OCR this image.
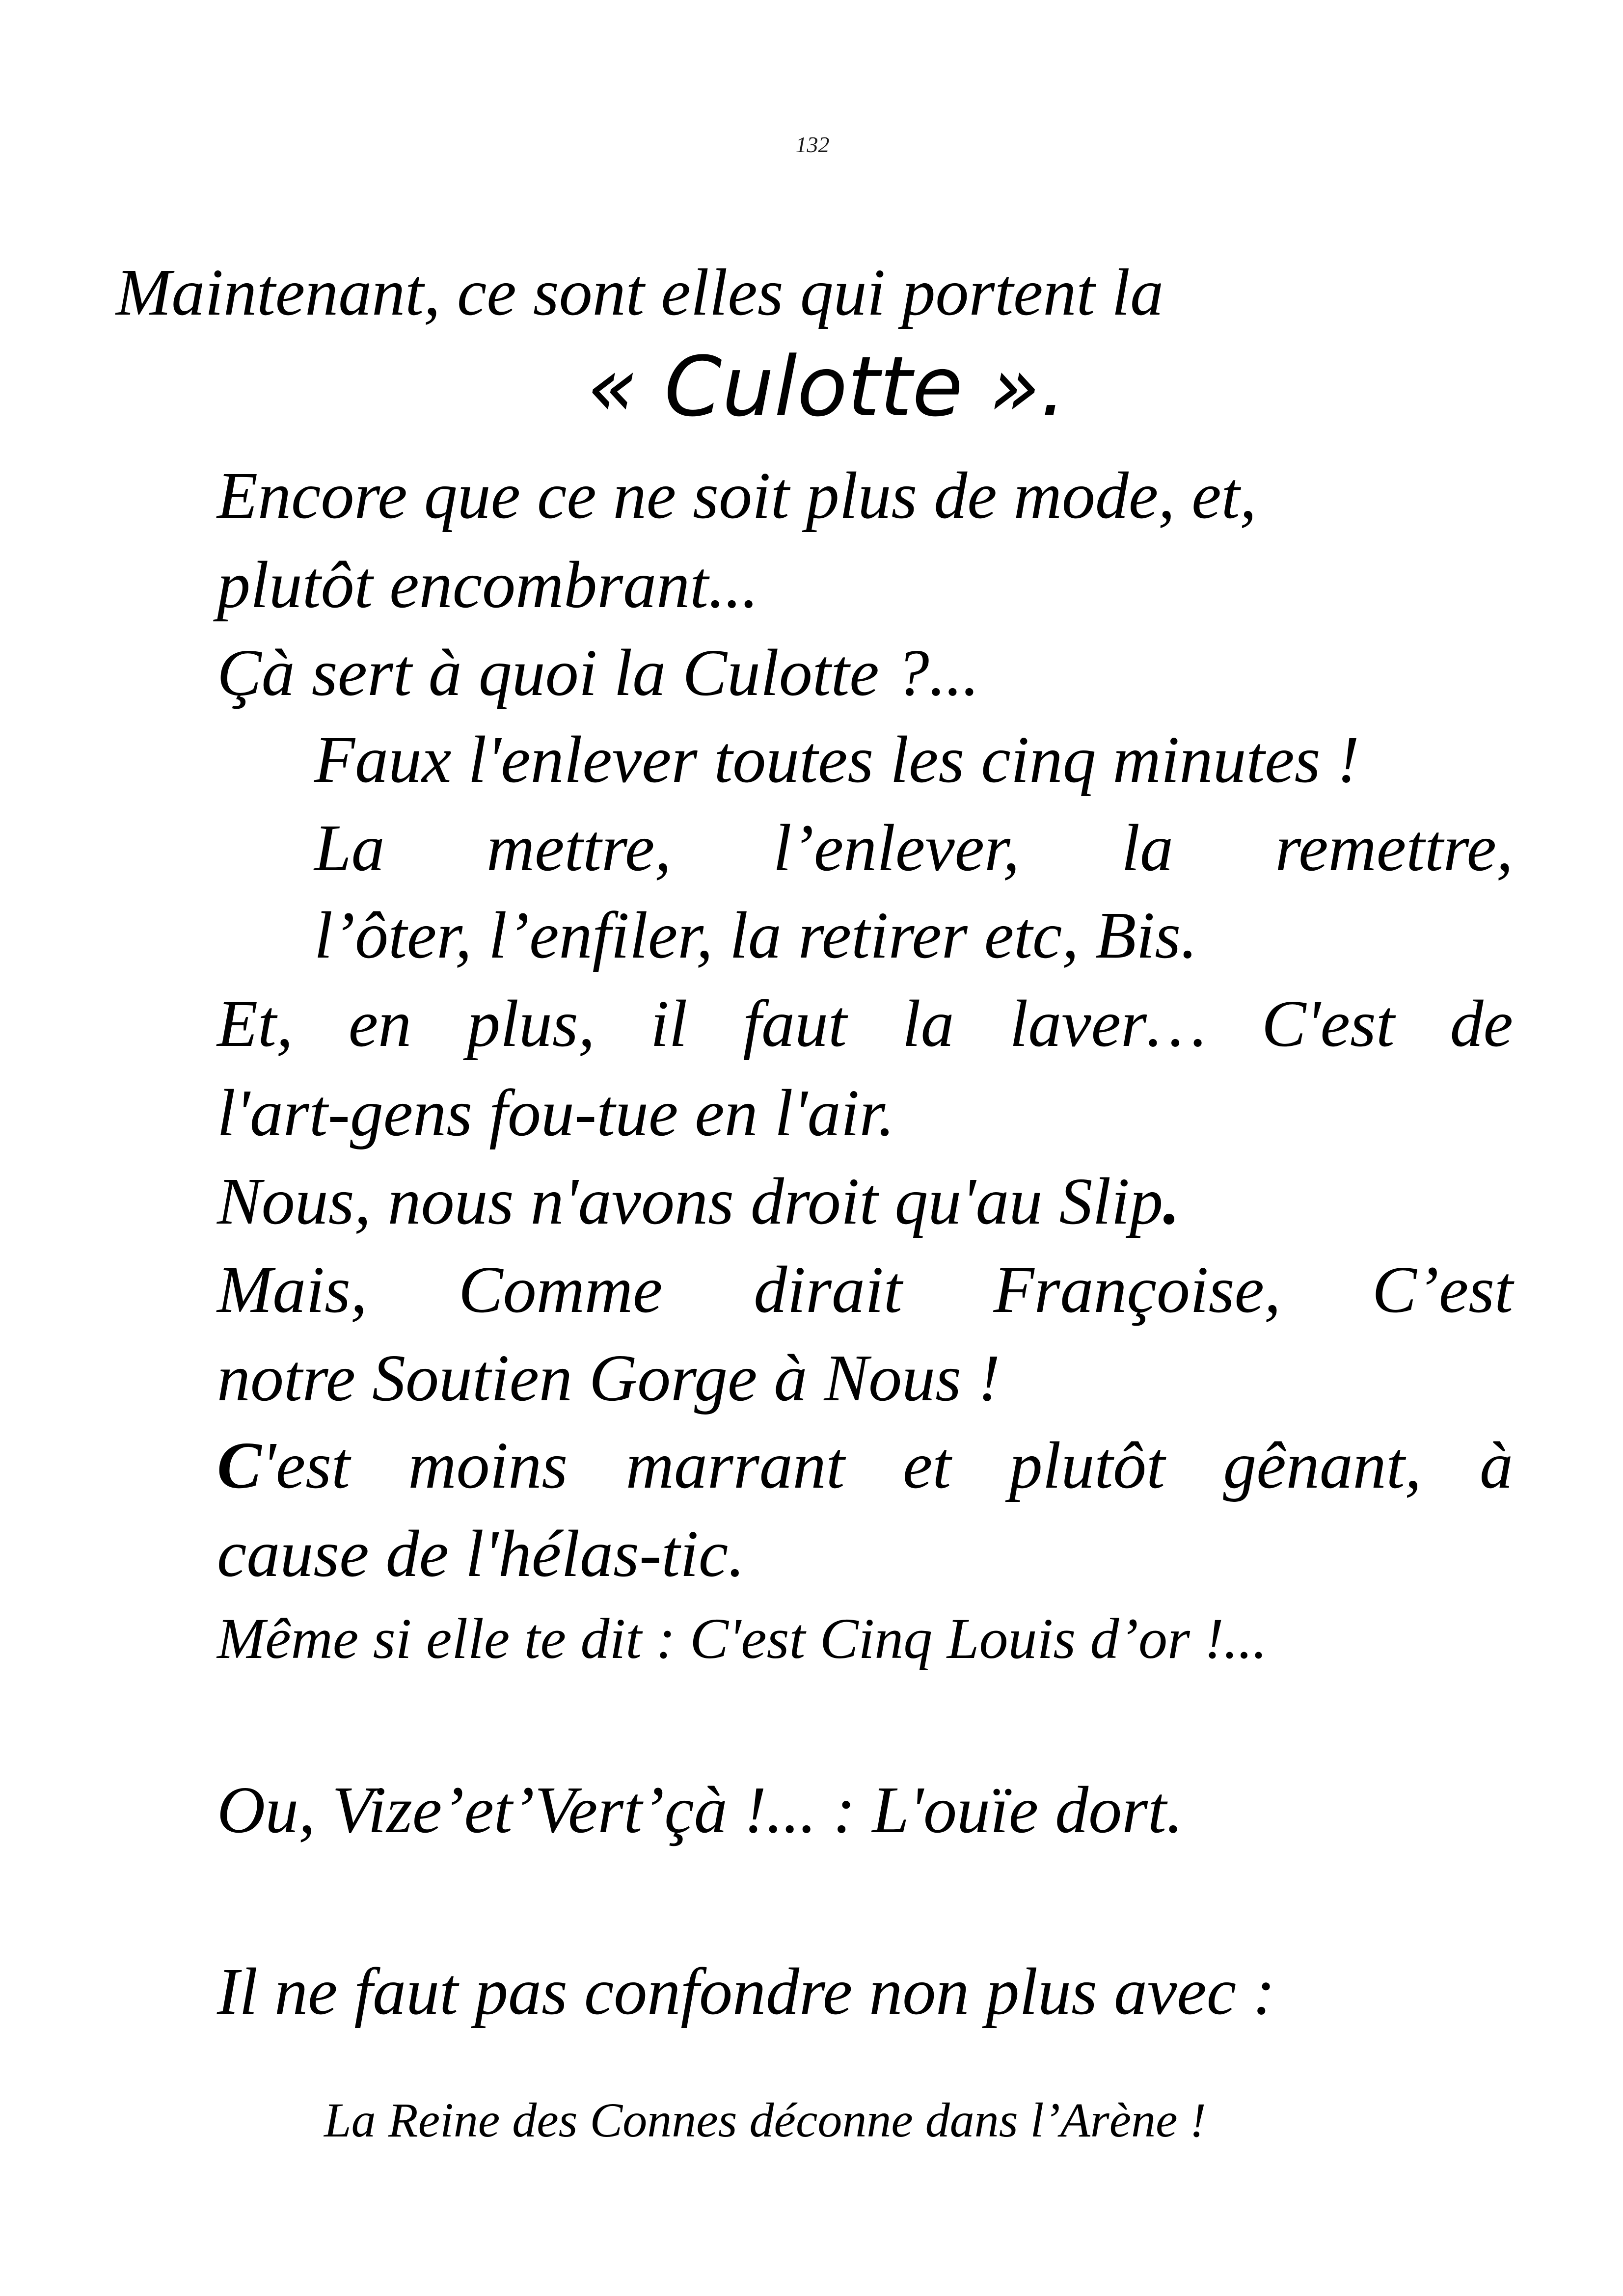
132
Maintenant, ce sont elles qui portent la
« Culotte ».
Encore que ce ne soit plus de mode, et,
plutôt encombrant...
Çà sert à quoi la Culotte ?...
Faux l'enlever toutes les cinq minutes !
La mettre, l’enlever, la remettre,
l’ôter, l’enfiler, la retirer etc, Bis.
Et, en plus, il faut la laver… C'est de
l'art-gens fou-tue en l'air.
Nous, nous n'avons droit qu'au Slip.
Mais, Comme dirait Françoise, C’est
notre Soutien Gorge à Nous !
C'est moins marrant et plutôt gênant, à
cause de l'hélas-tic.
Même si elle te dit : C'est Cinq Louis d’or !...
Ou, Vize’et’Vert’çà !... : L'ouïe dort.
Il ne faut pas confondre non plus avec :
La Reine des Connes déconne dans l’Arène !
